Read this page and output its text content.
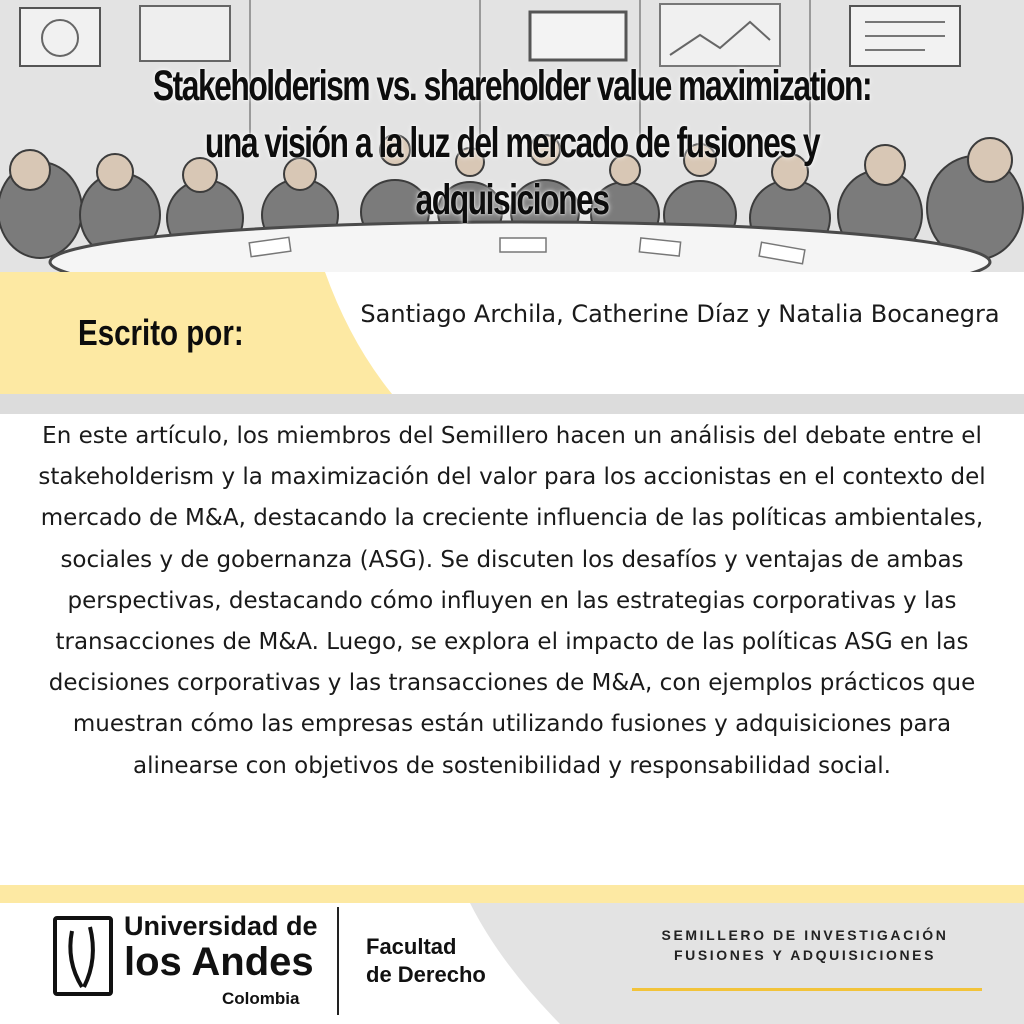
Stakeholderism vs. shareholder value maximization: una visión a la luz del mercado de fusiones y adquisiciones

Escrito por:	Santiago Archila, Catherine Díaz y Natalia Bocanegra

En este artículo, los miembros del Semillero hacen un análisis del debate entre el stakeholderism y la maximización del valor para los accionistas en el contexto del mercado de M&A, destacando la creciente influencia de las políticas ambientales, sociales y de gobernanza (ASG). Se discuten los desafíos y ventajas de ambas perspectivas, destacando cómo influyen en las estrategias corporativas y las transacciones de M&A. Luego, se explora el impacto de las políticas ASG en las decisiones corporativas y las transacciones de M&A, con ejemplos prácticos que muestran cómo las empresas están utilizando fusiones y adquisiciones para alinearse con objetivos de sostenibilidad y responsabilidad social.

Universidad de
los Andes
Colombia
Facultad
de Derecho
SEMILLERO DE INVESTIGACIÓN
FUSIONES Y ADQUISICIONES
